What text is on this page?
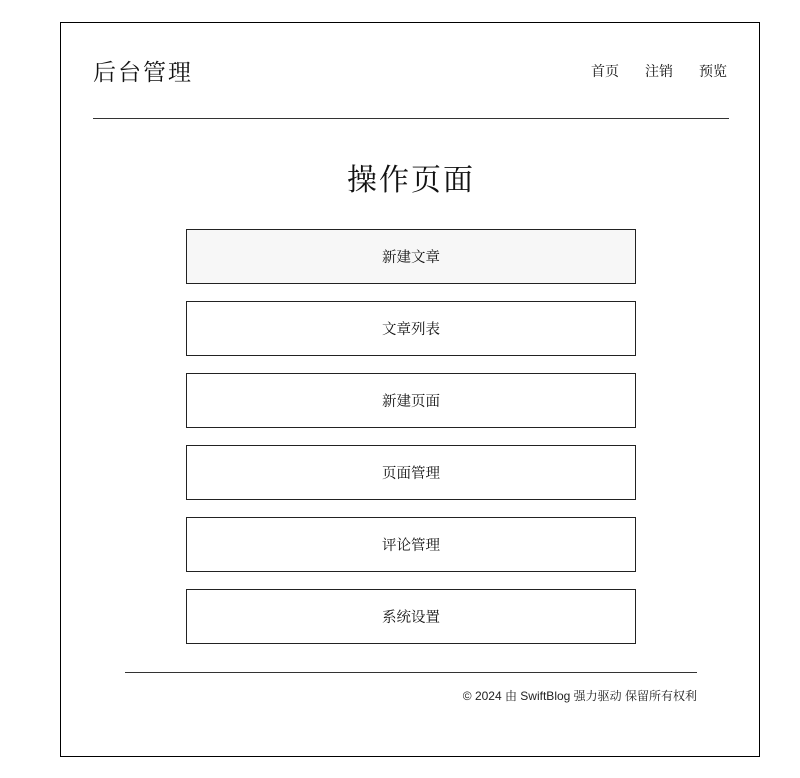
后台管理	首页 注销 预览
操作页面
新建文章
文章列表
新建页面
页面管理
评论管理
系统设置
© 2024 由 SwiftBlog 强力驱动 保留所有权利
